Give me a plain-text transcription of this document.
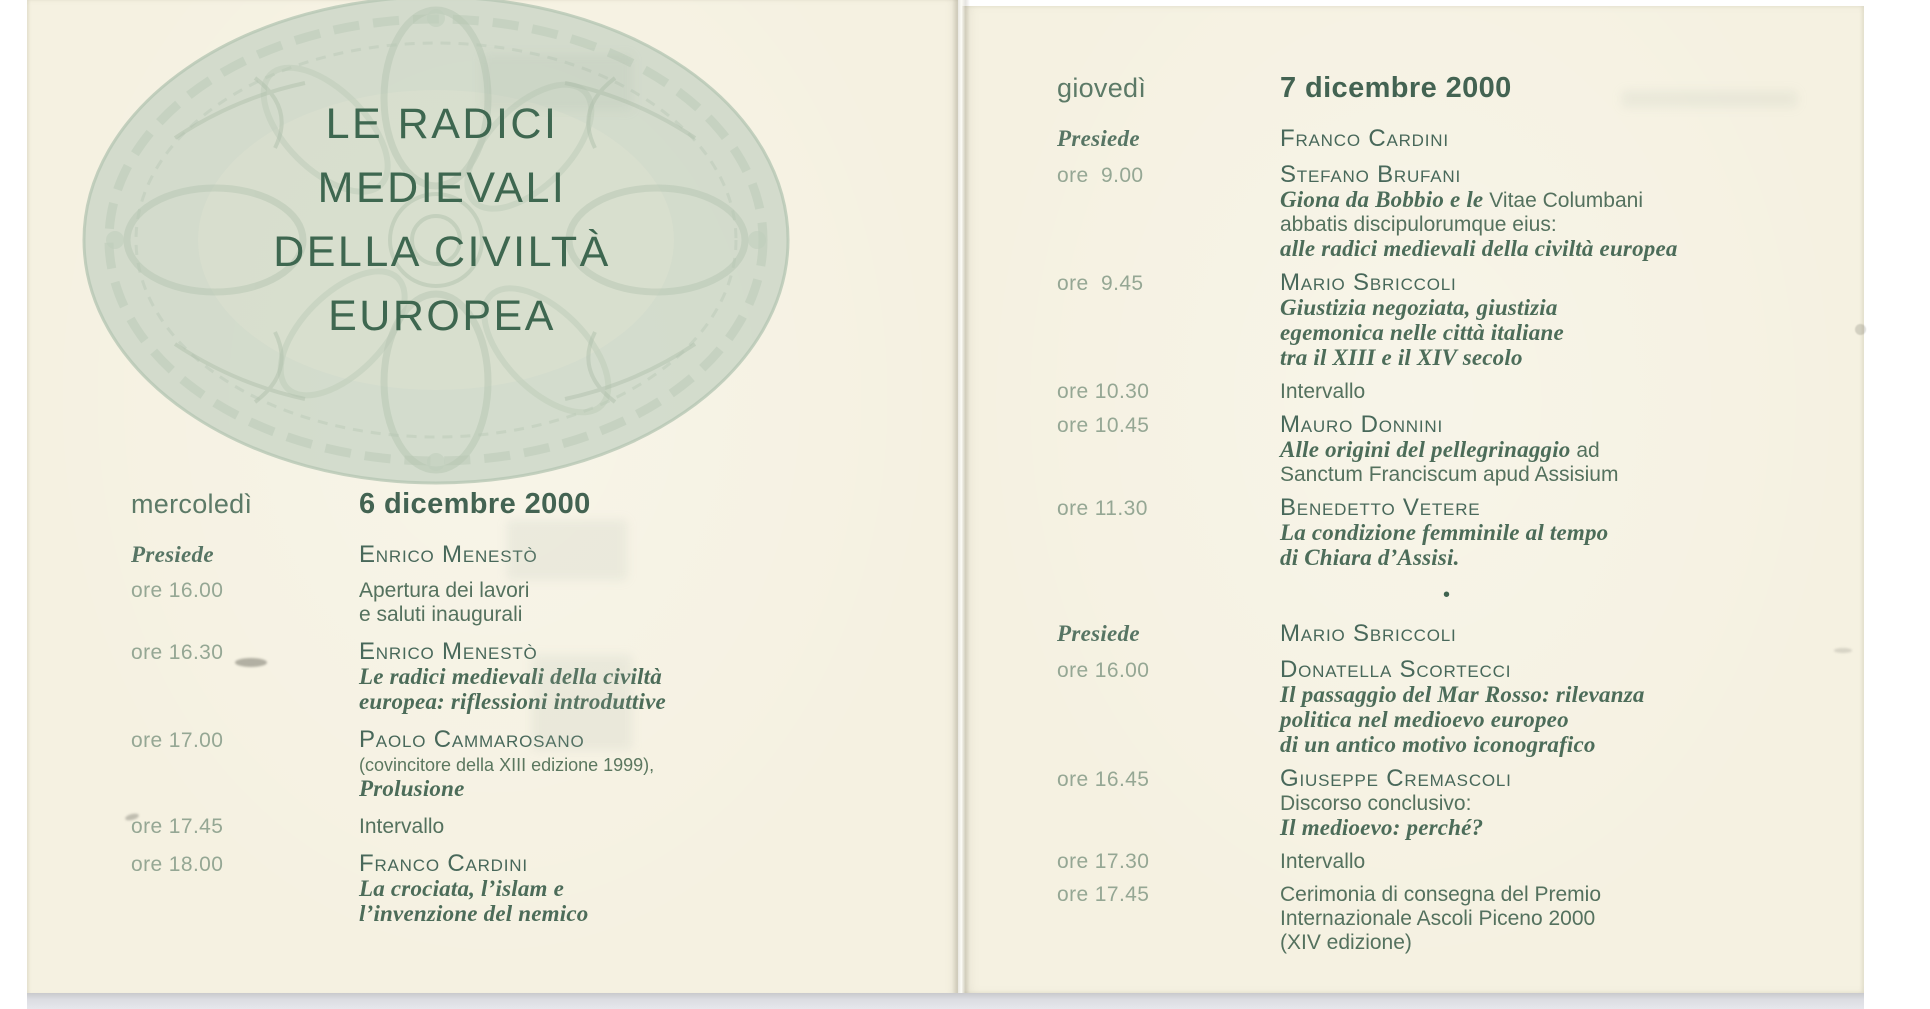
LE RADICI
MEDIEVALI
DELLA CIVILTÀ
EUROPEA
mercoledì	6 dicembre 2000
Presiede	Enrico Menestò
ore 16.00	Apertura dei lavori
e saluti inaugurali
ore 16.30	Enrico Menestò
Le radici medievali della civiltà
europea: riflessioni introduttive
ore 17.00	Paolo Cammarosano
(covincitore della XIII edizione 1999),
Prolusione
ore 17.45	Intervallo
ore 18.00	Franco Cardini
La crociata, l’islam e
l’invenzione del nemico
giovedì	7 dicembre 2000
Presiede	Franco Cardini
ore  9.00	Stefano Brufani
Giona da Bobbio e le Vitae Columbani
abbatis discipulorumque eius:
alle radici medievali della civiltà europea
ore  9.45	Mario Sbriccoli
Giustizia negoziata, giustizia
egemonica nelle città italiane
tra il XIII e il XIV secolo
ore 10.30	Intervallo
ore 10.45	Mauro Donnini
Alle origini del pellegrinaggio ad
Sanctum Franciscum apud Assisium
ore 11.30	Benedetto Vetere
La condizione femminile al tempo
di Chiara d’Assisi.
•
Presiede	Mario Sbriccoli
ore 16.00	Donatella Scortecci
Il passaggio del Mar Rosso: rilevanza
politica nel medioevo europeo
di un antico motivo iconografico
ore 16.45	Giuseppe Cremascoli
Discorso conclusivo:
Il medioevo: perché?
ore 17.30	Intervallo
ore 17.45	Cerimonia di consegna del Premio
Internazionale Ascoli Piceno 2000
(XIV edizione)
